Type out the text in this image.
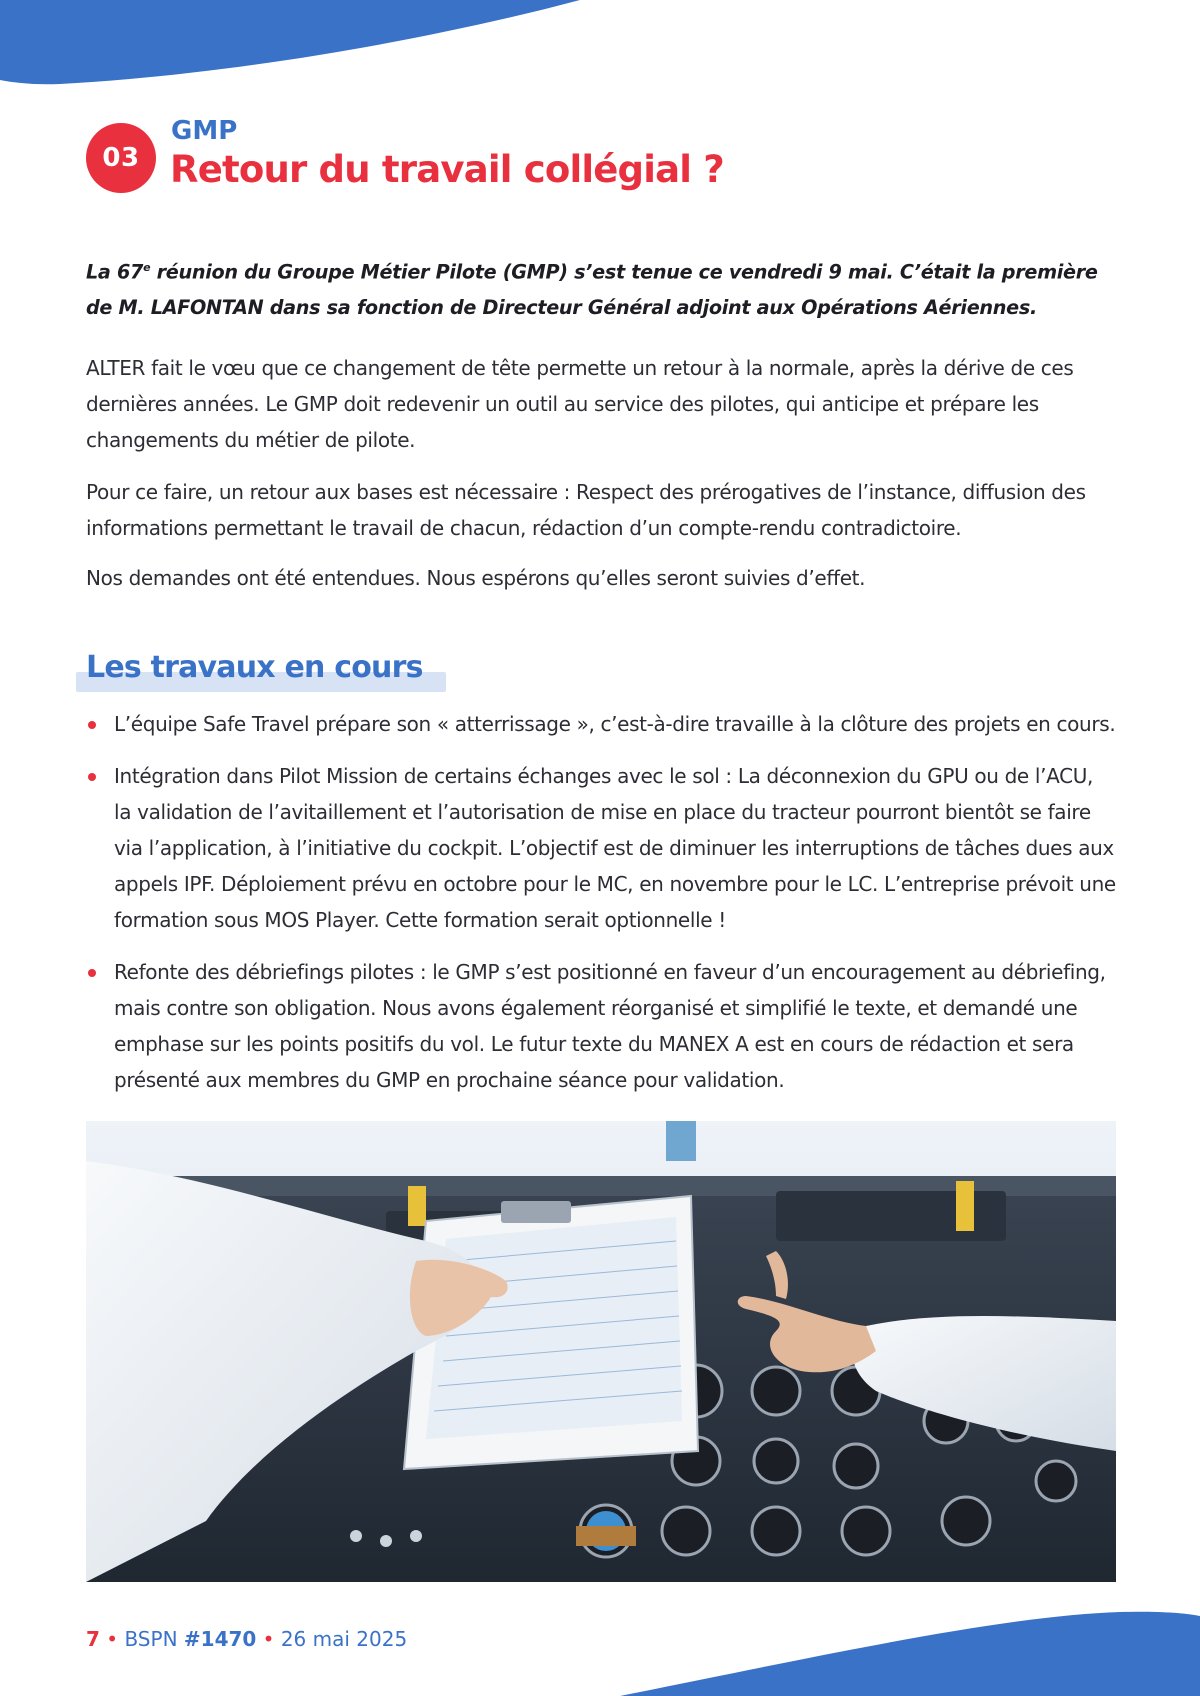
03
GMP
Retour du travail collégial ?

La 67e réunion du Groupe Métier Pilote (GMP) s’est tenue ce vendredi 9 mai. C’était la première de M. LAFONTAN dans sa fonction de Directeur Général adjoint aux Opérations Aériennes.

ALTER fait le vœu que ce changement de tête permette un retour à la normale, après la dérive de ces dernières années. Le GMP doit redevenir un outil au service des pilotes, qui anticipe et prépare les changements du métier de pilote.

Pour ce faire, un retour aux bases est nécessaire : Respect des prérogatives de l’instance, diffusion des informations permettant le travail de chacun, rédaction d’un compte-rendu contradictoire.

Nos demandes ont été entendues. Nous espérons qu’elles seront suivies d’effet.

Les travaux en cours
L’équipe Safe Travel prépare son « atterrissage », c’est-à-dire travaille à la clôture des projets en cours.
Intégration dans Pilot Mission de certains échanges avec le sol : La déconnexion du GPU ou de l’ACU, la validation de l’avitaillement et l’autorisation de mise en place du tracteur pourront bientôt se faire via l’application, à l’initiative du cockpit. L’objectif est de diminuer les interruptions de tâches dues aux appels IPF. Déploiement prévu en octobre pour le MC, en novembre pour le LC. L’entreprise prévoit une formation sous MOS Player. Cette formation serait optionnelle !
Refonte des débriefings pilotes : le GMP s’est positionné en faveur d’un encouragement au débriefing, mais contre son obligation. Nous avons également réorganisé et simplifié le texte, et demandé une emphase sur les points positifs du vol. Le futur texte du MANEX A est en cours de rédaction et sera présenté aux membres du GMP en prochaine séance pour validation.
7 • BSPN #1470 • 26 mai 2025
